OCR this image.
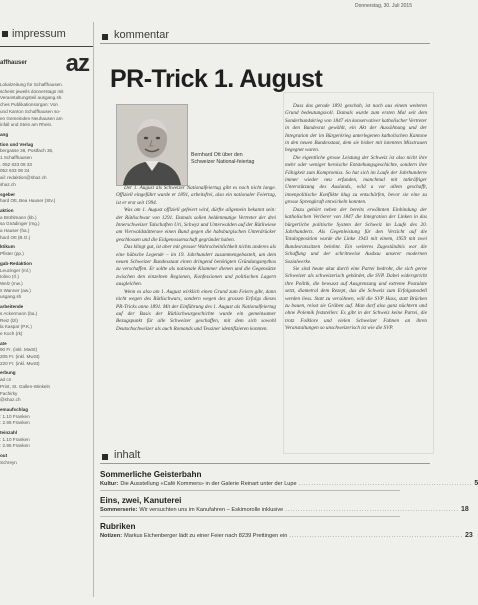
Donnerstag, 30. Juli 2015
impressum
affhauser az
Lokalzeitung für Schaffhausen.
scheint jeweils donnerstags mit
Veranstaltungsteil ausgang.sh.
ches Publikationsorgan: Von
und Kanton Schaffhausen so-
en Gemeinden Neuhausen am
infall und Stein am Rhein.
ang
tion und Verlag
bergasse 36, Postfach 36,
1 Schaffhausen
. 052 633 08 33
052 633 08 34
ail: redaktion@shaz.ch
shaz.ch
sgeber
hard Ott, Bea Hauser (Stv.)
aktion
a Brühlmann (kb.)
sa Gnädinger (mg.)
a Hauser (ha.)
hard Ott (B.O.)
ktikum
Pfister (pp.)
gab-Redaktion
Leuzinger (ml.)
Iolivo (rl.)
Welz (mw.)
s Wanner (aw.)
usgang.sh
arbeitende
s Ackermann (ba.)
Reiz (lzl)
la Kaspar (P.K.)
e Koch (rk)
ate
90 Fr. (inkl. MwSt)
205 Fr. (inkl. MwSt)
220 Fr. (inkl. MwSt)
erbung
ad cn
Print, St. Gallen-Winkeln
Fachirky
@shaz.ch
emaufschlag
: 1.10 Franken
: 2.95 Franken
teinzahl
: 1.10 Franken
: 2.95 Franken
out
Schreyn
kommentar
PR-Trick 1. August
Bernhard Ott über den Schweizer National-feiertag

Der 1. August als Schweizer Nationalfeiertag gibt es noch nicht lange. Offiziell eingeführt wurde er 1891, arbeitsfrei, also ein nationaler Feiertag, ist er erst seit 1994.

Was am 1. August offiziell gefeiert wird, dürfte allgemein bekannt sein: der Rütlischwur von 1291. Damals sollen heldenmutige Vertreter der drei Innerschweizer Talschaften Uri, Schwyz und Unterwalden auf der Rütliwiese am Vierwaldstättersee einen Bund gegen die habsburgischen Unterdrücker geschlossen und die Eidgenossenschaft gegründet haben.

Das klingt gut, ist aber mit grosser Wahrscheinlichkeit nichts anderes als eine hübsche Legende – im 19. Jahrhundert zusammengebastelt, um dem neuen Schweizer Bundesstaat einen dringend benötigten Gründungsmythos zu verschaffen. Er sollte als nationale Klammer dienen und die Gegensätze zwischen den einzelnen Regionen, Konfessionen und politischen Lagern ausgleichen.

Wenn es also am 1. August wirklich einen Grund zum Feiern gibt, dann nicht wegen des Rütlischwurs, sondern wegen des grossen Erfolgs dieses PR-Tricks anno 1891. Mit der Einführung des 1. August als Nationalfeiertag auf der Basis der Rütlischwurgeschichte wurde ein gemeinsamer Bezugspunkt für alle Schweizer geschaffen, mit dem sich sowohl Deutschschweizer als auch Romands und Tessiner identifizieren konnten.

Dass das gerade 1891 geschah, ist nach aus einem weiteren Grund bedeutungsvoll. Damals wurde zum ersten Mal seit dem Sonderbundskrieg von 1847 ein konservativer katholischer Vertreter in den Bundesrat gewählt, ein Akt der Aussöhnung und der Integration der im Bürgerkrieg unterlegenen katholischen Kantone in den neuen Bundesstaat, dem sie bisher mit latentem Misstrauen begegnet waren.

Die eigentliche grosse Leistung der Schweiz ist also nicht ihre mehr oder weniger heroische Entstehungsgeschichte, sondern ihre Fähigkeit zum Kompromiss. So hat sich im Laufe der Jahrhunderte immer wieder neu erfunden, manchmal mit tatkräftiger Unterstützung des Auslands, wild a vor allem geschafft, innenpolitische Konflikte klug zu entschärfen, bevor sie eine zu grosse Sprengkraft entwickeln konnten.

Dazu gehört neben der bereits erwähnten Einbindung der katholischen Verlierer von 1847 die Integration der Linken in das bürgerliche politische System der Schweiz im Laufe des 20. Jahrhunderts. Als Gegenleistung für den Verzicht auf die Totalopposition wurde die Linke 1943 mit einem, 1959 mit zwei Bundesratssitzen belohnt. Ein weiteres Zugeständnis war die Schaffung und der schrittweise Ausbau unserer modernen Sozialwerke.

Sie sind heute akut durch eine Partei bedroht, die sich gerne Schweizer als schweizerisch gebärdet, die SVP. Dabei widerspricht ihre Politik, die bewusst auf Ausgrenzung und extreme Postulate setzt, diametral dem Rezept, das die Schweiz zum Erfolgsmodell werden liess. Statt zu versöhnen, will die SVP Hass, statt Brücken zu bauen, reisst sie Gräben auf. Man darf also ganz nüchtern und ohne Polemik feststellen: Es gibt in der Schweiz keine Partei, die trotz Folklore und vielen Schweizer Fahnen an ihren Veranstaltungen so unschweizerisch ist wie die SVP.

inhalt
Sommerliche Geisterbahn
Kultur: Die Ausstellung «Café Kommers» in der Galerie Reinart unter der Lupe .................................................................... 5
Eins, zwei, Kanuterei
Sommerserie: Wir versuchten uns im Kanufahren – Eskimorolle inklusive .................................................................... 18
Rubriken
Notizen: Markus Eichenberger lädt zu einer Feier nach 8239 Prettingen ein .................................................................... 23
